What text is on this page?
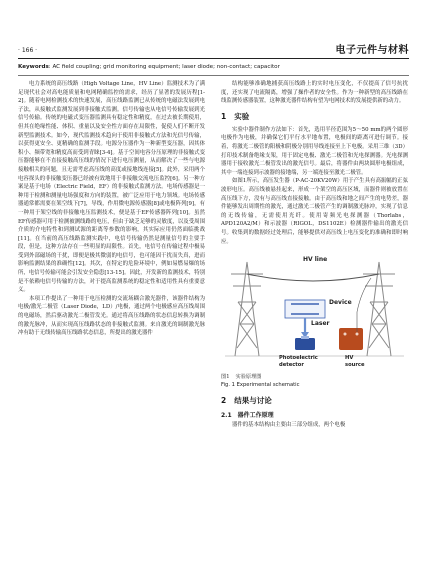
· 166 ·	电子元件与材料
Keywords: AC field coupling; grid monitoring equipment; laser diode; non-contact; capacitor

电力系统的高压线路（High Voltage Line，HV Line）监测技术为了满足现代社会对高电能质量和电网精确监控的需求，经历了显著的发展历程[1-2]。随着电网检测技术的快速发展，高压线路监测已从传统的电磁法发展到电子法，从接触式监测发展到非接触式监测。信号传输也从电信号传输发展到光信号传输。传统的电磁式变压器监测具有稳定性和精度，在过去被长期使用，但其在绝缘性能、体积、重量以及安全性方面存在局限性，促使人们不断开发新型监测技术。如今，现代监测技术趋向于使用非接触式方法和光信号传输，以获得更安全、更精确的监测手段。电源分压器作为一种新型变压器，因其体积小、频带宽和精度高而受到青睐[3-4]。基于空间电容分压原理的非接触式变压器能够在不直接接触高压线的情况下进行电压测量，从而解决了一些与电源接触相关的问题，且无需考虑高压线的高度或接地线连接[5]。此外，采用两个电容探头的非接触变压器已经被有效地用于非接触交流电压监控[6]。另一种方案是基于电场（Electric Field，EF）的非接触式监测方法。电场传感器是一种用于检测和测量电场强度和方向的装置，被广泛应用于电力领域。电场传感器通常都需要在架空线下[7]，导线，作用微电源传感器[8]或电极阵列[9]，有一种用于架空线的非接触电压监测技术，便是基于EF传感器阵列[10]。虽然EF传感器可用于检测被测线路的电压，但由于缺乏足够的灵敏度，以及受周围介质的介电特性和到测试源的距离等参数的影响，其实际应用仍然面临挑战[11]。在当前的高压线路监测实践中，电信号传输仍然是测量信号的主要手段，但是，这种方法存在一些明显的局限性。首先，电信号在传输过程中极易受到外部磁场的干扰，即便是极其微弱的电信号，也可能因干扰而失真，进而影响监测结果的准确性[12]。其次，在特定的危险环境中，例如易燃易爆的场所，电信号传输可能会引发安全隐患[13-15]。因此，开发新的监测技术，特别是不依赖电信号传输的方法，对于提高监测系统的稳定性和适用性具有重要意义。

本项工作提出了一种用于电压检测的交流场耦合激光器件，该器件结构为电极/激光二极管（Laser Diode，LD）/电极，通过两个电极感应高压线周围的电磁场，然后驱动激光二极管发光。通过将高压线路的状态信息转换为调制的激光脉冲，从而实现高压线路状态的非接触式监测。来自激光的调制激光脉冲有助于无线传输高压线路状态信息，所提出的激光器件

结构能够准确地捕获高压线路上的实时电压变化，不仅提高了信号抗扰度，还实现了电流隔离，增强了操作者的安全性。作为一种新型的高压线路在线监测传感器装置，这种激光器件结构有望为电网技术的发展提供新的动力。

1 实验

实验中器件制作方法如下：首先，选用半径范围为5～50 mm的两个圆形电极作为电极，并确保它们平行水平地布置，电极间的距离可进行调节。接着，将激光二极管的阳极和阴极分别用导线连接至上下电极。采用三维（3D）打印技术制备绝缘支架，用于固定电极、激光二极管和光电探测器。光电探测器用于接收激光二极管发出的激光信号。最后，将器件由两块圆形电极组成，其中一端连接到示波器的接地端，另一端连接至激光二极管。

如图1所示，高压发生器（P-AC-20KV20W）用于产生具有高振幅的正弦波形电压。高压线被悬挂起来，形成一个架空的高压区域，而器件则被放置在高压线下方，没有与高压线直接接触。由于高压线和地之间产生的电势差，器件能够发出周期性的激光，通过激光二极管产生的调制激光脉冲，实现了信息的无线传输，无需使用光纤。使用寄频光电探测器（Thorlabs，APD120A2/M）和示波器（RIGOL，DS1102E）检测器件输出的激光信号。收集到的数据经过处理后，能够提供对高压线上电压变化的准确和即时响应。

HV line
Device
Laser
Photoelectric
detector
HV
source

图1 实验原理图

Fig. 1 Experimental schematic

2 结果与讨论
2.1 器件工作原理

器件的基本结构由主要由三部分组成，两个电极
